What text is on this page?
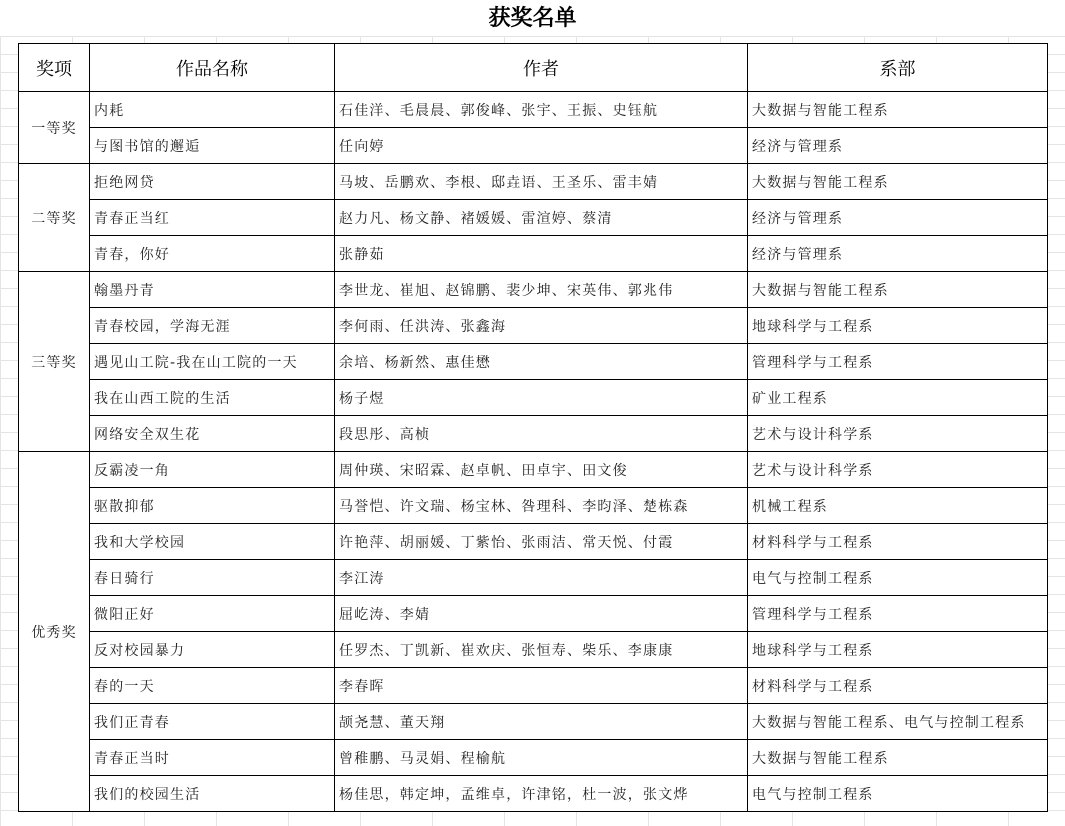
获奖名单
奖项	作品名称	作者	系部
一等奖	内耗	石佳洋、毛晨晨、郭俊峰、张宇、王振、史钰航	大数据与智能工程系
	与图书馆的邂逅	任向婷	经济与管理系
二等奖	拒绝网贷	马坡、岳鹏欢、李根、邸垚语、王圣乐、雷丰婧	大数据与智能工程系
	青春正当红	赵力凡、杨文静、褚媛媛、雷渲婷、蔡清	经济与管理系
	青春，你好	张静茹	经济与管理系
三等奖	翰墨丹青	李世龙、崔旭、赵锦鹏、裴少坤、宋英伟、郭兆伟	大数据与智能工程系
	青春校园，学海无涯	李何雨、任洪涛、张鑫海	地球科学与工程系
	遇见山工院-我在山工院的一天	余培、杨新然、惠佳懋	管理科学与工程系
	我在山西工院的生活	杨子煜	矿业工程系
	网络安全双生花	段思彤、高桢	艺术与设计科学系
优秀奖	反霸凌一角	周仲瑛、宋昭霖、赵卓帆、田卓宇、田文俊	艺术与设计科学系
	驱散抑郁	马誉恺、许文瑞、杨宝林、咎理科、李昀泽、楚栋森	机械工程系
	我和大学校园	许艳萍、胡丽媛、丁紫怡、张雨洁、常天悦、付霞	材料科学与工程系
	春日骑行	李江涛	电气与控制工程系
	微阳正好	屈屹涛、李婧	管理科学与工程系
	反对校园暴力	任罗杰、丁凯新、崔欢庆、张恒寿、柴乐、李康康	地球科学与工程系
	春的一天	李春晖	材料科学与工程系
	我们正青春	颉尧慧、董天翔	大数据与智能工程系、电气与控制工程系
	青春正当时	曾稚鹏、马灵娟、程榆航	大数据与智能工程系
	我们的校园生活	杨佳思，韩定坤，孟维卓，许津铭，杜一波，张文烨	电气与控制工程系
